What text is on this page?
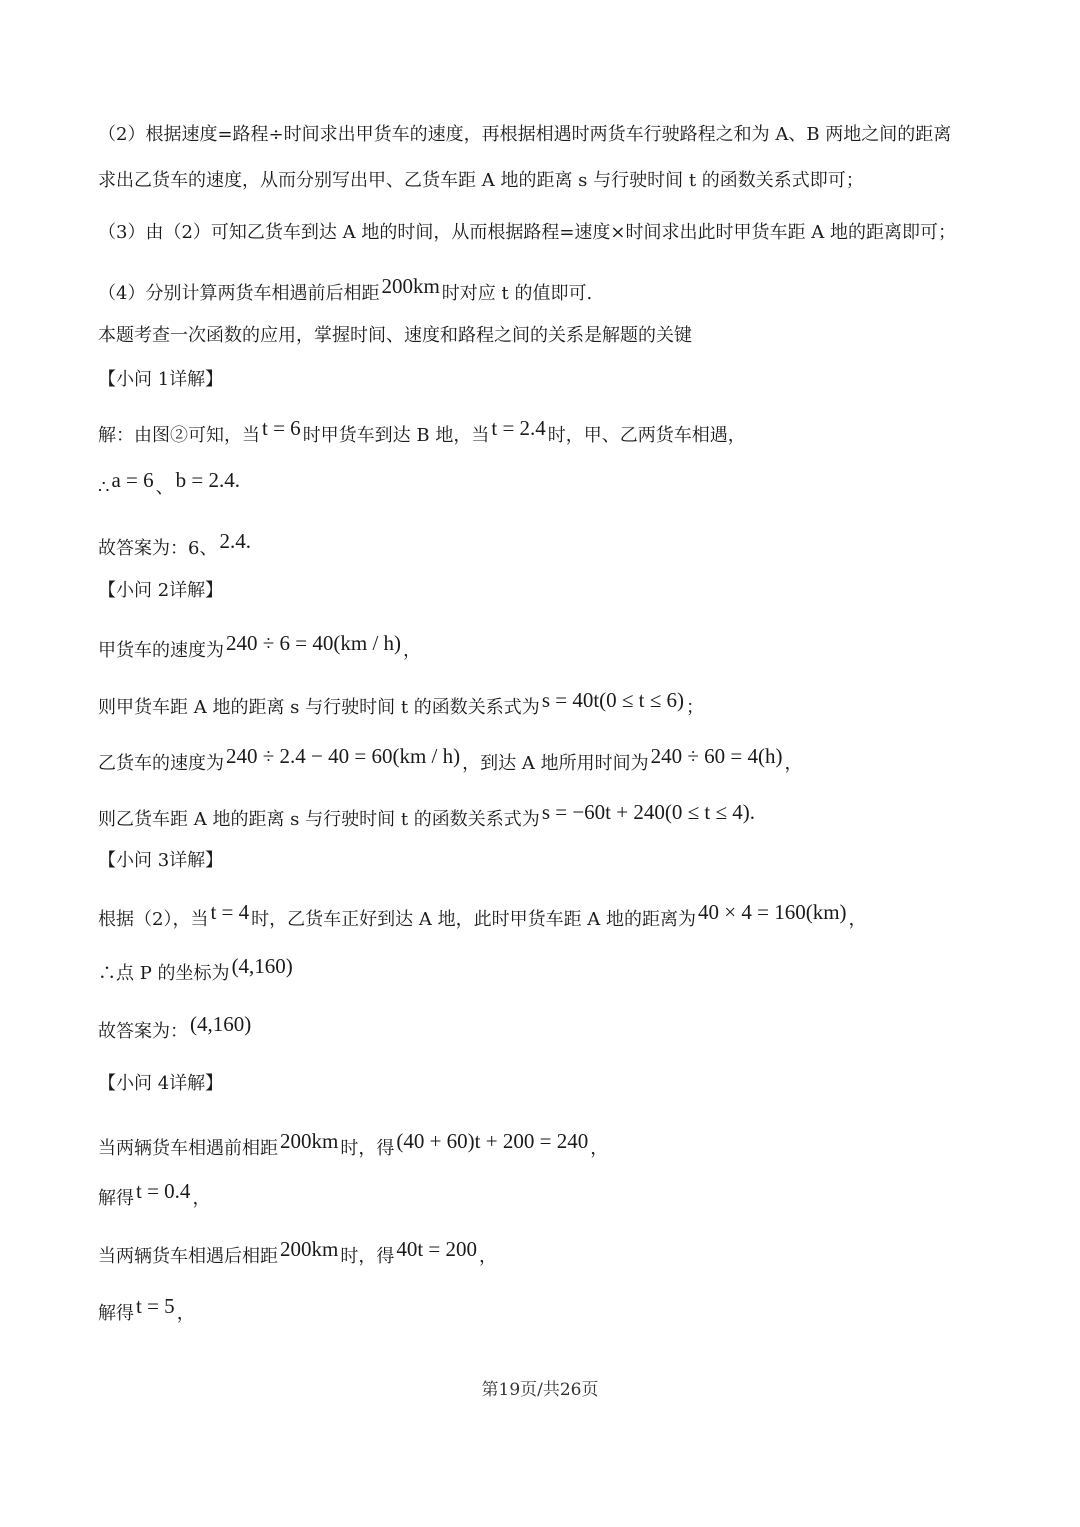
（2）根据速度=路程÷时间求出甲货车的速度，再根据相遇时两货车行驶路程之和为 A、B 两地之间的距离
求出乙货车的速度，从而分别写出甲、乙货车距 A 地的距离 s 与行驶时间 t 的函数关系式即可；
（3）由（2）可知乙货车到达 A 地的时间，从而根据路程=速度×时间求出此时甲货车距 A 地的距离即可；
（4）分别计算两货车相遇前后相距200km 时对应 t 的值即可.
本题考查一次函数的应用，掌握时间、速度和路程之间的关系是解题的关键
【小问 1详解】
解：由图②可知，当t = 6 时甲货车到达 B 地，当t = 2.4 时，甲、乙两货车相遇，
∴a = 6 、b = 2.4.
故答案为：6、2.4.
【小问 2详解】
甲货车的速度为240 ÷ 6 = 40(km / h) ，
则甲货车距 A 地的距离 s 与行驶时间 t 的函数关系式为s = 40t(0 ≤ t ≤ 6) ；
乙货车的速度为240 ÷ 2.4 − 40 = 60(km / h) ，到达 A 地所用时间为240 ÷ 60 = 4(h) ，
则乙货车距 A 地的距离 s 与行驶时间 t 的函数关系式为s = −60t + 240(0 ≤ t ≤ 4).
【小问 3详解】
根据（2），当t = 4 时，乙货车正好到达 A 地，此时甲货车距 A 地的距离为40 × 4 = 160(km) ，
∴点 P 的坐标为(4,160)
故答案为：(4,160)
【小问 4详解】
当两辆货车相遇前相距200km 时，得(40 + 60)t + 200 = 240 ，
解得t = 0.4 ，
当两辆货车相遇后相距200km 时，得40t = 200 ，
解得t = 5 ，
第19页/共26页
